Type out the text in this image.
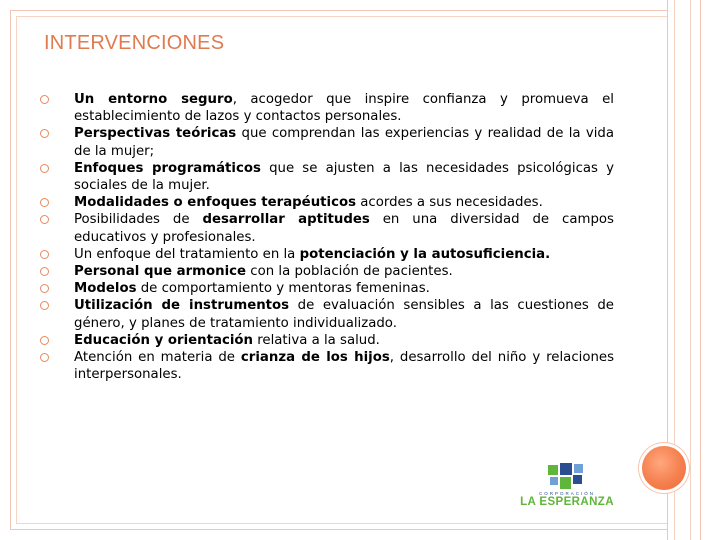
INTERVENCIONES
Un entorno seguro, acogedor que inspire confianza y promueva el establecimiento de lazos y contactos personales.
Perspectivas teóricas que comprendan las experiencias y realidad de la vida de la mujer;
Enfoques programáticos que se ajusten a las necesidades psicológicas y sociales de la mujer.
Modalidades o enfoques terapéuticos acordes a sus necesidades.
Posibilidades de desarrollar aptitudes en una diversidad de campos educativos y profesionales.
Un enfoque del tratamiento en la potenciación y la autosuficiencia.
Personal que armonice con la población de pacientes.
Modelos de comportamiento y mentoras femeninas.
Utilización de instrumentos de evaluación sensibles a las cuestiones de género, y planes de tratamiento individualizado.
Educación y orientación relativa a la salud.
Atención en materia de crianza de los hijos, desarrollo del niño y relaciones interpersonales.
CORPORACIÓN
LA ESPERANZA
